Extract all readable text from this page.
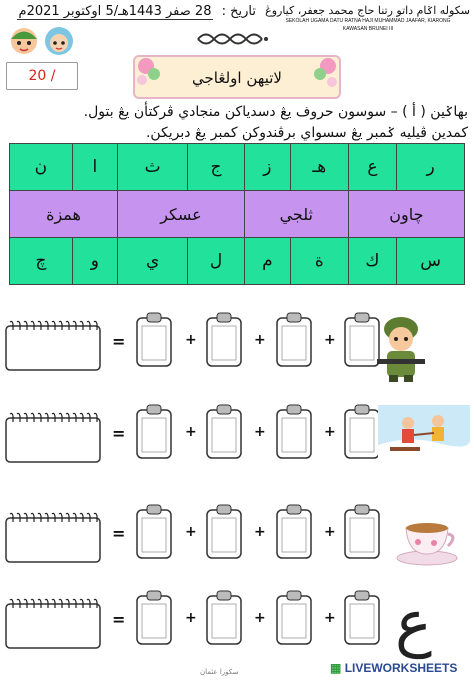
تاريخ : 28 صفر 1443هـ/5 اوکتوبر 2021م	سکوله اݢام داتو رتنا حاج محمد جعفر، کياروڠ
SEKOLAH UGAMA DATU RATNA HAJI MUHAMMAD JAAFAR, KIARONG
KAWASAN BRUNEI III
20 /	لاتيهن اولڠاجي
بهاݢين ( أ ) – سوسون حروف يڠ دسدياکن منجادي ڤرکتأن يڠ بتول.
کمدين ڤيليه ݢمبر يڠ سسواي برڤندوکن کمبر يڠ دبريکن.
ن	ا	ث	ج	ز	هـ	ع	ر
همزة		عسکر		ثلجي		چاون	
چ	و	ي	ل	م	ة	ك	س
=	+	+	+
=	+	+	+
=	+	+	+
=	+	+	+ ع
سکورا عثمان	▦ LIVEWORKSHEETS
